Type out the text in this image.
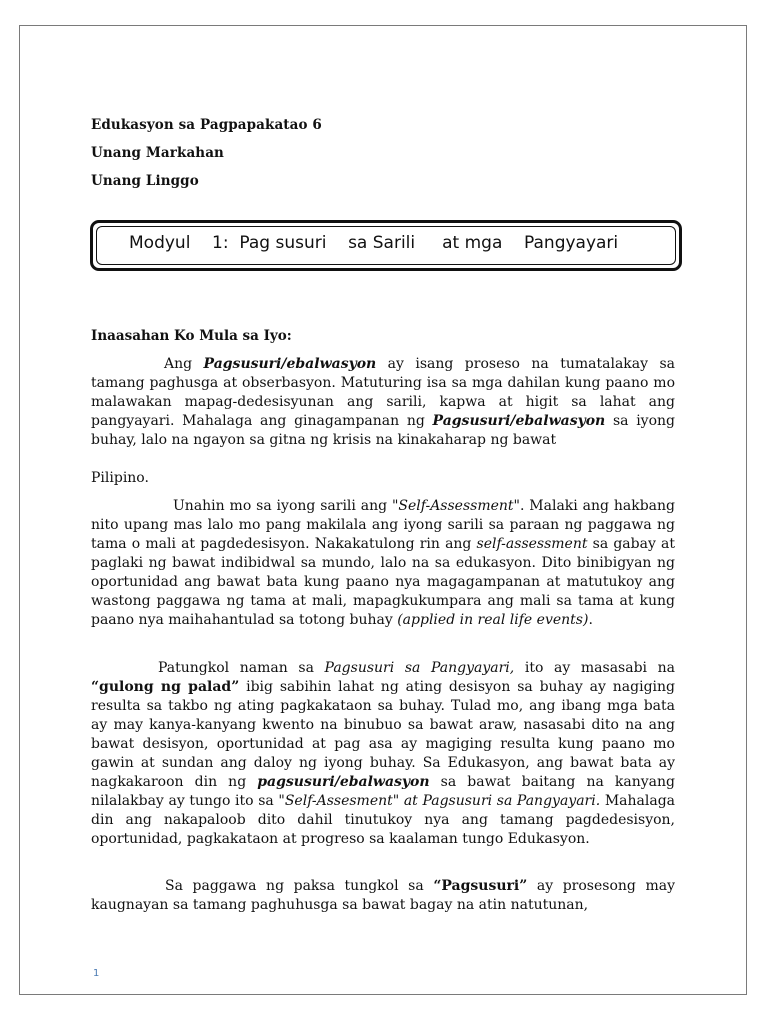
Edukasyon sa Pagpapakatao 6
Unang Markahan
Unang Linggo
Modyul    1:  Pag susuri    sa Sarili     at mga    Pangyayari
Inaasahan Ko Mula sa Iyo:

Ang Pagsusuri/ebalwasyon ay isang proseso na tumatalakay sa tamang paghusga at obserbasyon. Matuturing isa sa mga dahilan kung paano mo malawakan mapag-dedesisyunan ang sarili, kapwa at higit sa lahat ang pangyayari. Mahalaga ang ginagampanan ng Pagsusuri/ebalwasyon sa iyong buhay, lalo na ngayon sa gitna ng krisis na kinakaharap ng bawat

Pilipino.

Unahin mo sa iyong sarili ang "Self-Assessment". Malaki ang hakbang nito upang mas lalo mo pang makilala ang iyong sarili sa paraan ng paggawa ng tama o mali at pagdedesisyon. Nakakatulong rin ang self-assessment sa gabay at paglaki ng bawat indibidwal sa mundo, lalo na sa edukasyon. Dito binibigyan ng oportunidad ang bawat bata kung paano nya magagampanan at matutukoy ang wastong paggawa ng tama at mali, mapagkukumpara ang mali sa tama at kung paano nya maihahantulad sa totong buhay (applied in real life events).

Patungkol naman sa Pagsusuri sa Pangyayari, ito ay masasabi na “gulong ng palad” ibig sabihin lahat ng ating desisyon sa buhay ay nagiging resulta sa takbo ng ating pagkakataon sa buhay. Tulad mo, ang ibang mga bata ay may kanya-kanyang kwento na binubuo sa bawat araw, nasasabi dito na ang bawat desisyon, oportunidad at pag asa ay magiging resulta kung paano mo gawin at sundan ang daloy ng iyong buhay. Sa Edukasyon, ang bawat bata ay nagkakaroon din ng pagsusuri/ebalwasyon sa bawat baitang na kanyang nilalakbay ay tungo ito sa "Self-Assesment" at Pagsusuri sa Pangyayari. Mahalaga din ang nakapaloob dito dahil tinutukoy nya ang tamang pagdedesisyon, oportunidad, pagkakataon at progreso sa kaalaman tungo Edukasyon.

Sa paggawa ng paksa tungkol sa “Pagsusuri” ay prosesong may kaugnayan sa tamang paghuhusga sa bawat bagay na atin natutunan,

1
